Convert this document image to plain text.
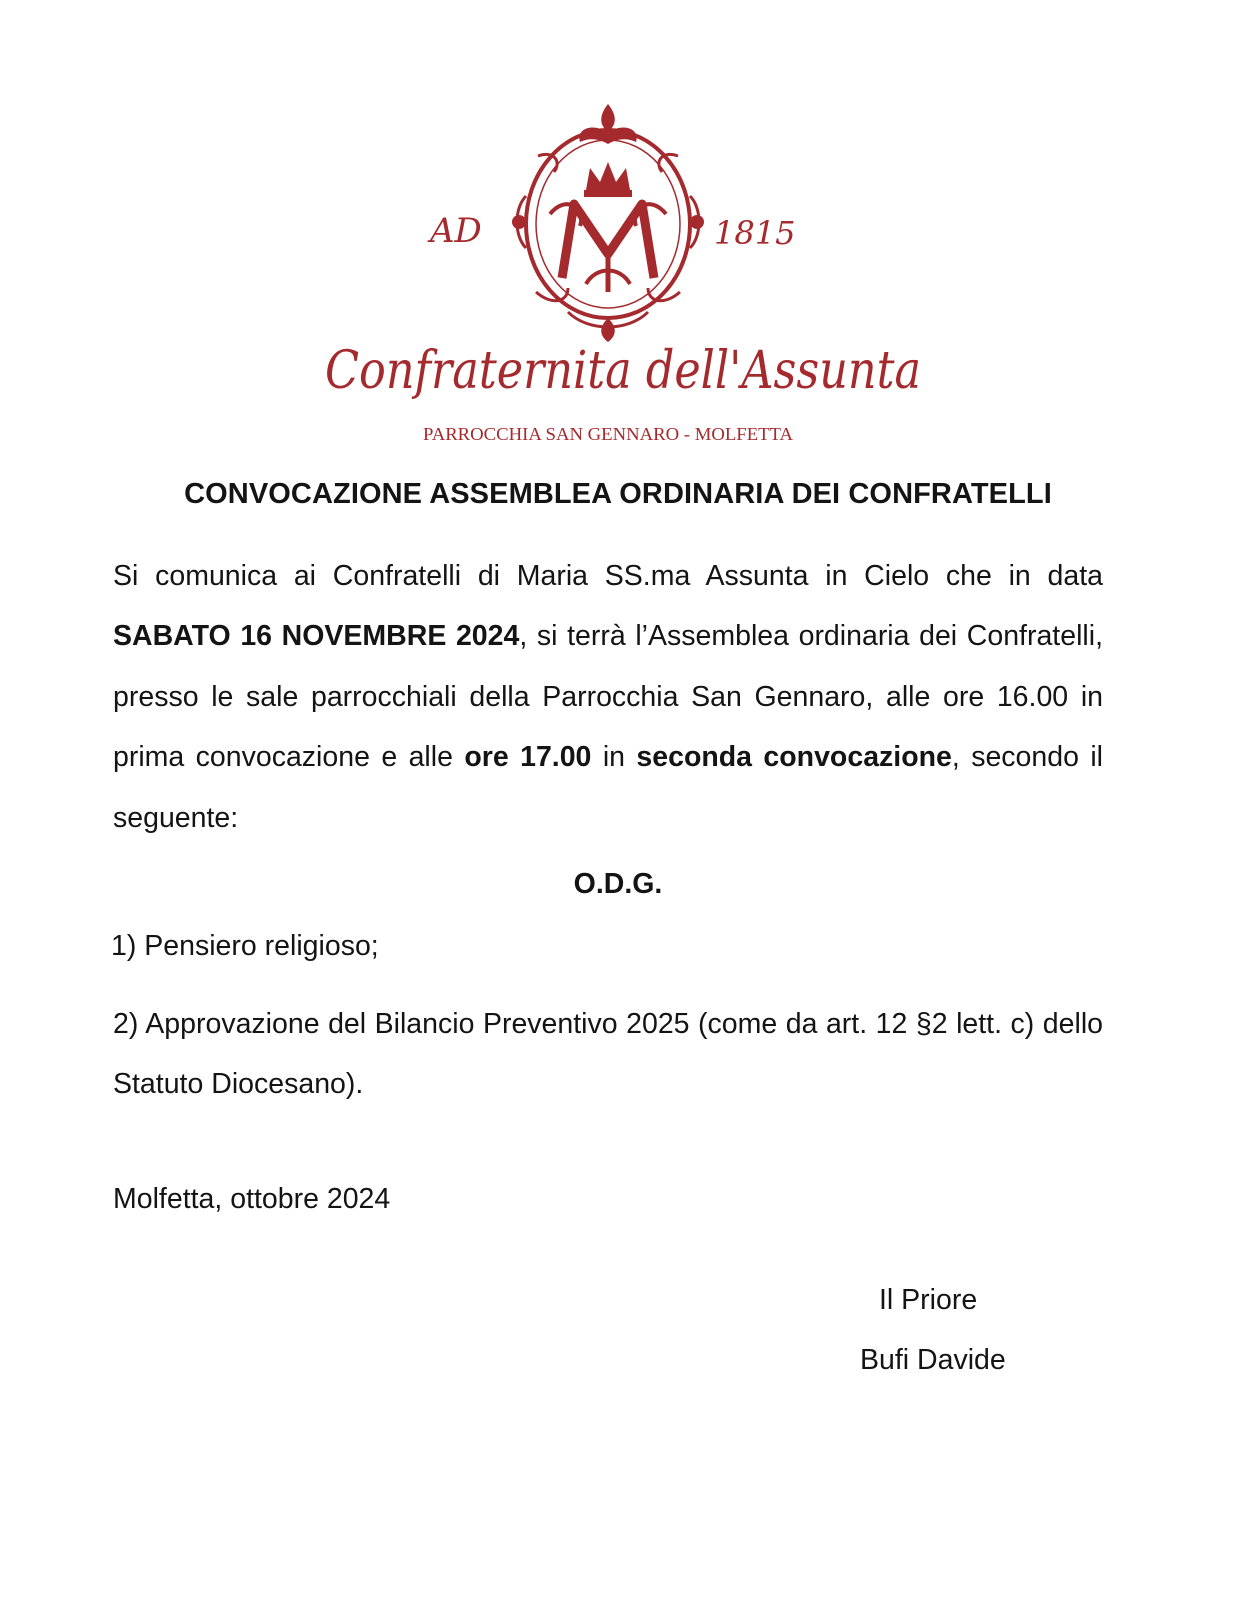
AD	1815
Confraternita dell'Assunta
PARROCCHIA SAN GENNARO - MOLFETTA
CONVOCAZIONE ASSEMBLEA ORDINARIA DEI CONFRATELLI
Si comunica ai Confratelli di Maria SS.ma Assunta in Cielo che in data SABATO 16 NOVEMBRE 2024, si terrà l’Assemblea ordinaria dei Confratelli, presso le sale parrocchiali della Parrocchia San Gennaro, alle ore 16.00 in prima convocazione e alle ore 17.00 in seconda convocazione, secondo il seguente:
O.D.G.
1) Pensiero religioso;
2) Approvazione del Bilancio Preventivo 2025 (come da art. 12 §2 lett. c) dello Statuto Diocesano).
Molfetta, ottobre 2024
Il Priore
Bufi Davide
